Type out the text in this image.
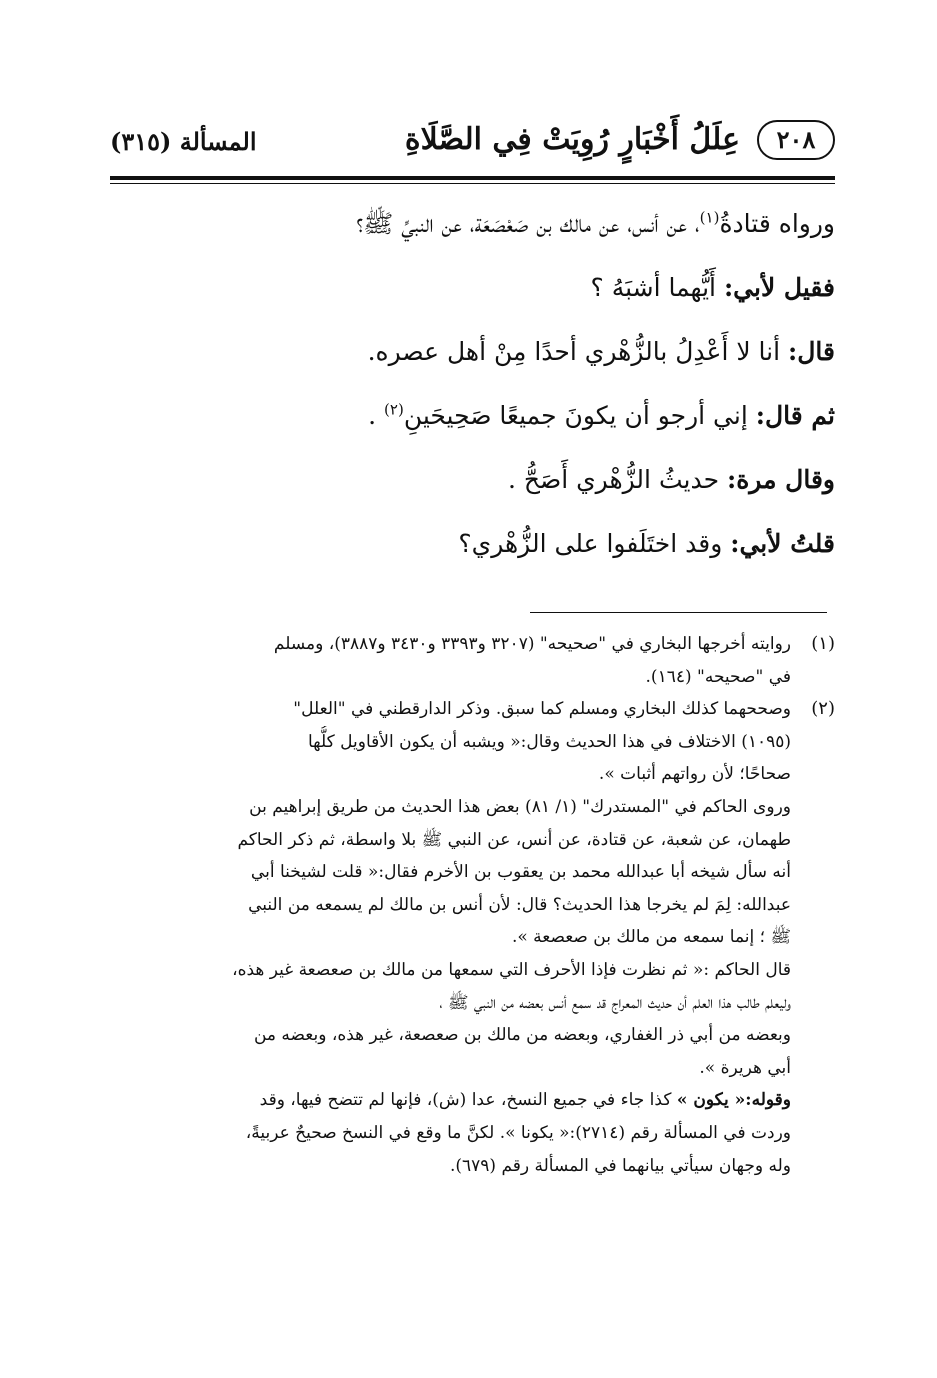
٢٠٨
عِلَلُ أَخْبَارٍ رُوِيَتْ فِي الصَّلَاةِ
المسألة (٣١٥)
ورواه قتادةُ$^{(١)}$، عن أنس، عن مالك بن صَعْصَعَة، عن النبيِّ ﷺ؟
فقيل لأبي: أَيُّهما أشبَهُ ؟
قال: أنا لا أَعْدِلُ بالزُّهْري أحدًا مِنْ أهل عصره.
ثم قال: إني أرجو أن يكونَ جميعًا صَحِيحَينِ$^{(٢)}$ .
وقال مرة: حديثُ الزُّهْري أَصَحُّ .
قلتُ لأبي: وقد اختَلَفوا على الزُّهْري؟
(١)
روايته أخرجها البخاري في "صحيحه" (٣٢٠٧ و٣٣٩٣ و٣٤٣٠ و٣٨٨٧)، ومسلم
في "صحيحه" (١٦٤).
(٢)
وصححهما كذلك البخاري ومسلم كما سبق. وذكر الدارقطني في "العلل"
(١٠٩٥) الاختلاف في هذا الحديث وقال:« ويشبه أن يكون الأقاويل كلُّها
صحاحًا؛ لأن رواتهم أثبات ».
وروى الحاكم في "المستدرك" (١/ ٨١) بعض هذا الحديث من طريق إبراهيم بن
طهمان، عن شعبة، عن قتادة، عن أنس، عن النبي ﷺ بلا واسطة، ثم ذكر الحاكم
أنه سأل شيخه أبا عبدالله محمد بن يعقوب بن الأخرم فقال:« قلت لشيخنا أبي
عبدالله: لِمَ لم يخرجا هذا الحديث؟ قال: لأن أنس بن مالك لم يسمعه من النبي
ﷺ ؛ إنما سمعه من مالك بن صعصعة ».
قال الحاكم :« ثم نظرت فإذا الأحرف التي سمعها من مالك بن صعصعة غير هذه،
وليعلم طالب هذا العلم أن حديث المعراج قد سمع أنس بعضه من النبي ﷺ ،
وبعضه من أبي ذر الغفاري، وبعضه من مالك بن صعصعة، غير هذه، وبعضه من
أبي هريرة ».
وقوله:« يكون » كذا جاء في جميع النسخ، عدا (ش)، فإنها لم تتضح فيها، وقد
وردت في المسألة رقم (٢٧١٤):« يكونا ». لكنَّ ما وقع في النسخ صحيحٌ عربيةً،
وله وجهان سيأتي بيانهما في المسألة رقم (٦٧٩).
